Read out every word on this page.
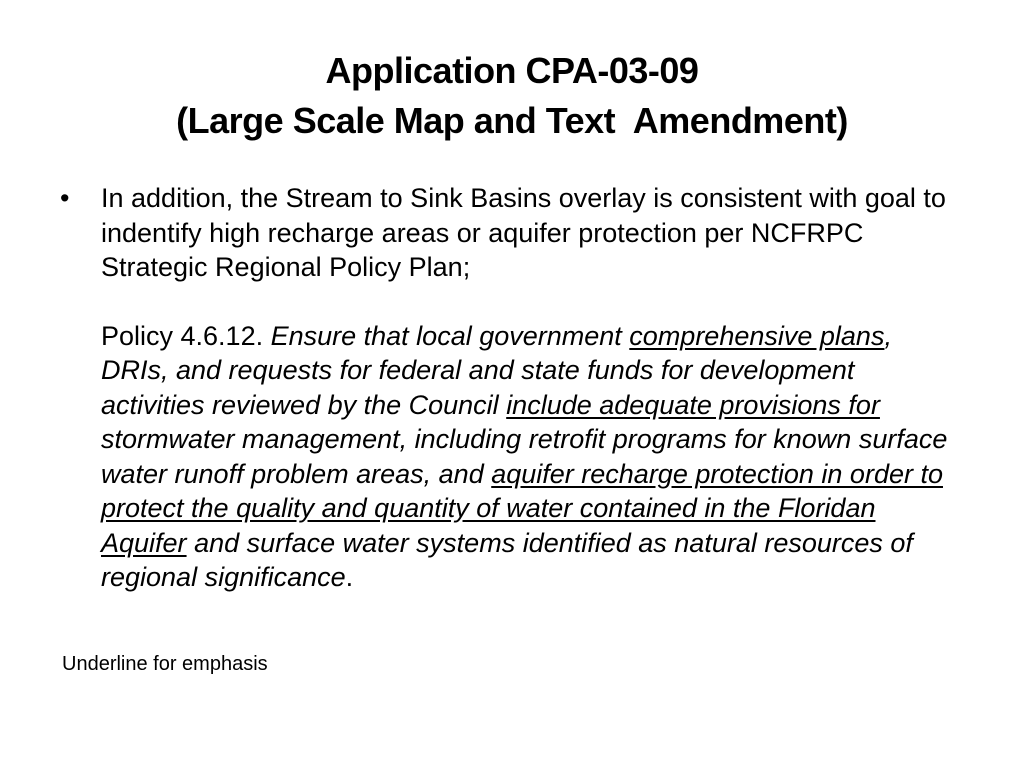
Application CPA-03-09
(Large Scale Map and Text  Amendment)

•	In addition, the Stream to Sink Basins overlay is consistent with goal to indentify high recharge areas or aquifer protection per NCFRPC Strategic Regional Policy Plan;

Policy 4.6.12. Ensure that local government comprehensive plans, DRIs, and requests for federal and state funds for development activities reviewed by the Council include adequate provisions for stormwater management, including retrofit programs for known surface water runoff problem areas, and aquifer recharge protection in order to protect the quality and quantity of water contained in the Floridan Aquifer and surface water systems identified as natural resources of regional significance.

Underline for emphasis
